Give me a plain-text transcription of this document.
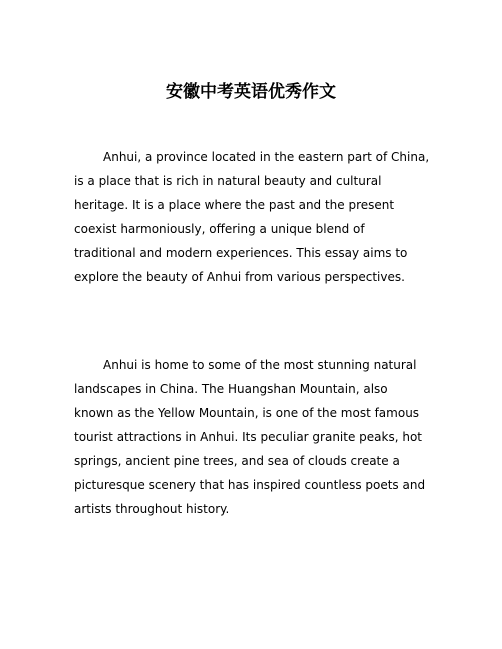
安徽中考英语优秀作文

Anhui, a province located in the eastern part of China, is a place that is rich in natural beauty and cultural heritage. It is a place where the past and the present coexist harmoniously, offering a unique blend of traditional and modern experiences. This essay aims to explore the beauty of Anhui from various perspectives.

Anhui is home to some of the most stunning natural landscapes in China. The Huangshan Mountain, also known as the Yellow Mountain, is one of the most famous tourist attractions in Anhui. Its peculiar granite peaks, hot springs, ancient pine trees, and sea of clouds create a picturesque scenery that has inspired countless poets and artists throughout history.
